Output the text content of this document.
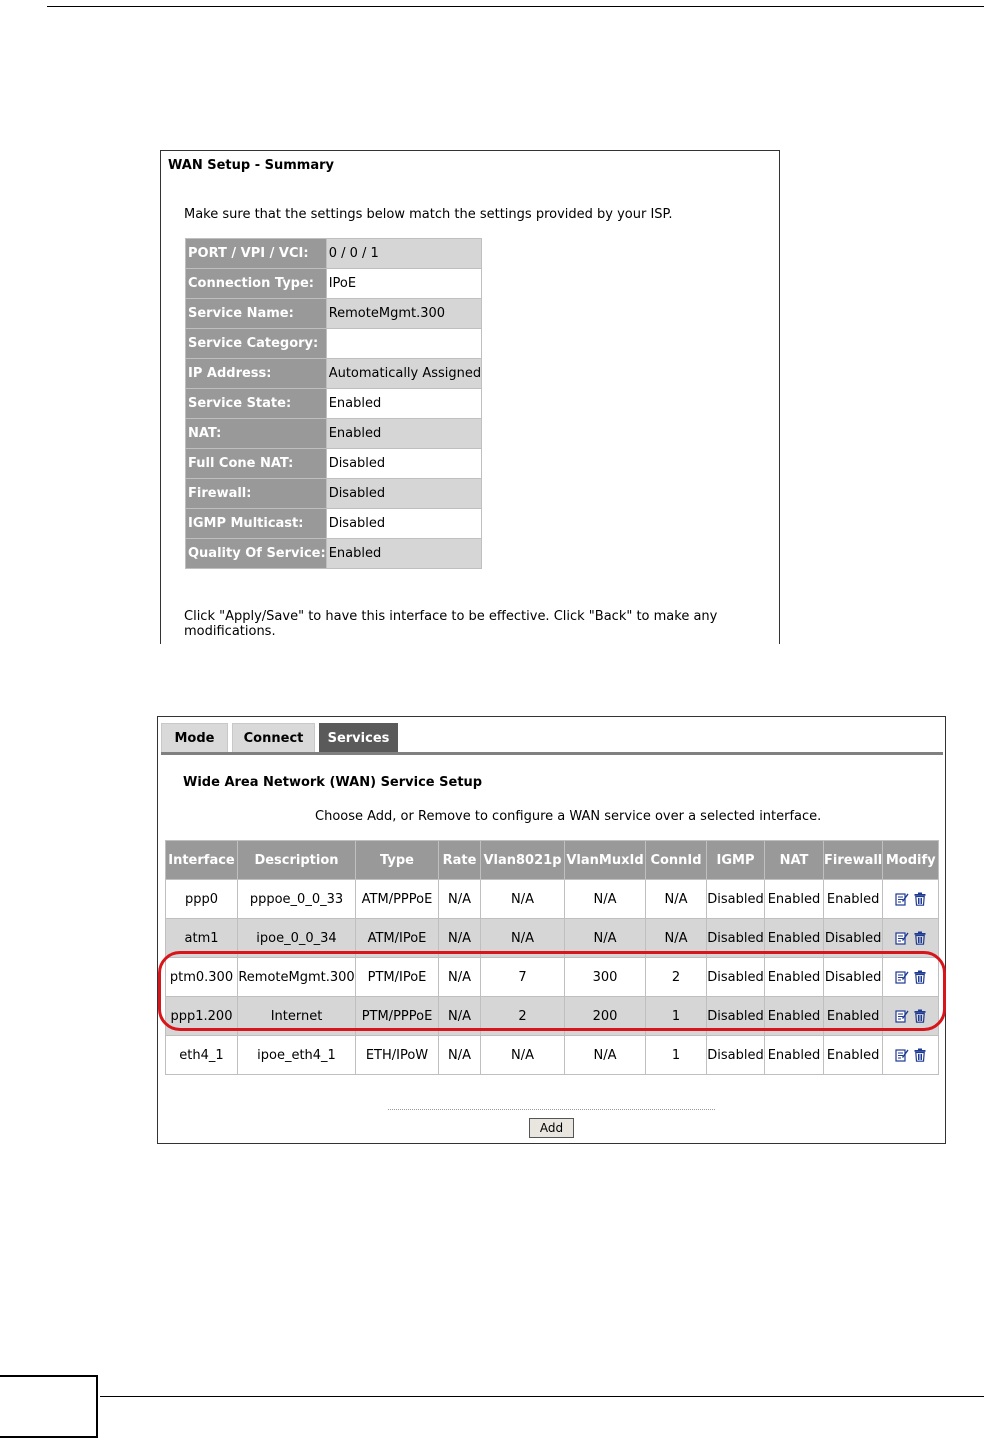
WAN Setup - Summary
Make sure that the settings below match the settings provided by your ISP.
PORT / VPI / VCI:	0 / 0 / 1
Connection Type:	IPoE
Service Name:	RemoteMgmt.300
Service Category:	
IP Address:	Automatically Assigned
Service State:	Enabled
NAT:	Enabled
Full Cone NAT:	Disabled
Firewall:	Disabled
IGMP Multicast:	Disabled
Quality Of Service:	Enabled
Click "Apply/Save" to have this interface to be effective. Click "Back" to make any modifications.
Mode	Connect	Services
Wide Area Network (WAN) Service Setup
Choose Add, or Remove to configure a WAN service over a selected interface.
Interface	Description	Type	Rate	Vlan8021p	VlanMuxId	ConnId	IGMP	NAT	Firewall	Modify
ppp0	pppoe_0_0_33	ATM/PPPoE	N/A	N/A	N/A	N/A	Disabled	Enabled	Enabled	

atm1	ipoe_0_0_34	ATM/IPoE	N/A	N/A	N/A	N/A	Disabled	Enabled	Disabled	

ptm0.300	RemoteMgmt.300	PTM/IPoE	N/A	7	300	2	Disabled	Enabled	Disabled	

ppp1.200	Internet	PTM/PPPoE	N/A	2	200	1	Disabled	Enabled	Enabled	

eth4_1	ipoe_eth4_1	ETH/IPoW	N/A	N/A	N/A	1	Disabled	Enabled	Enabled	
Add
